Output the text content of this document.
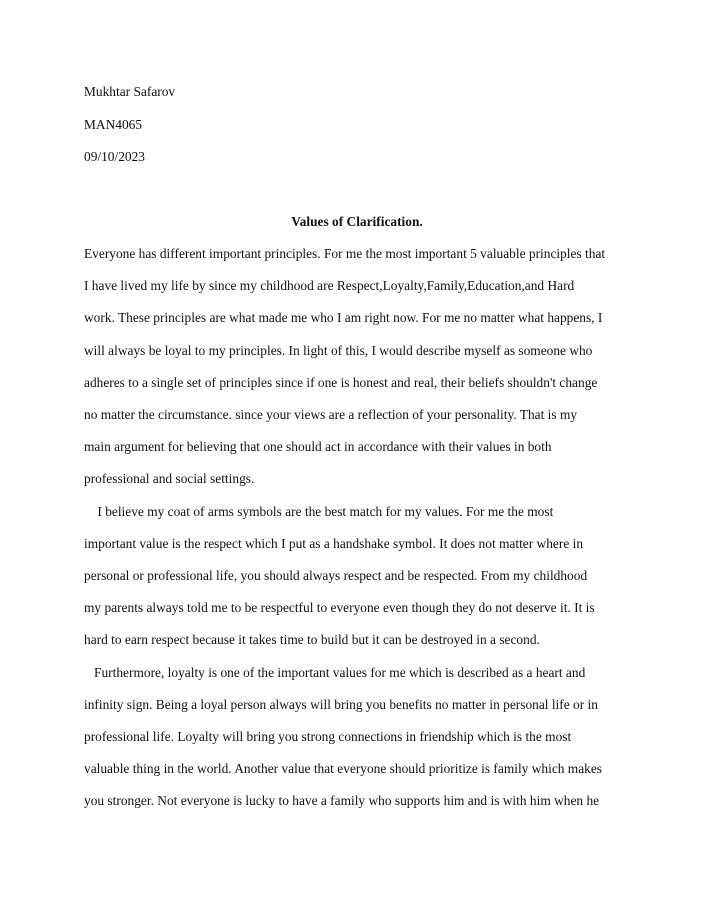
Mukhtar Safarov
MAN4065
09/10/2023
Values of Clarification.
Everyone has different important principles. For me the most important 5 valuable principles that
I have lived my life by since my childhood are Respect,Loyalty,Family,Education,and Hard
work. These principles are what made me who I am right now. For me no matter what happens, I
will always be loyal to my principles. In light of this, I would describe myself as someone who
adheres to a single set of principles since if one is honest and real, their beliefs shouldn't change
no matter the circumstance. since your views are a reflection of your personality. That is my
main argument for believing that one should act in accordance with their values in both
professional and social settings.
I believe my coat of arms symbols are the best match for my values. For me the most
important value is the respect which I put as a handshake symbol. It does not matter where in
personal or professional life, you should always respect and be respected. From my childhood
my parents always told me to be respectful to everyone even though they do not deserve it. It is
hard to earn respect because it takes time to build but it can be destroyed in a second.
Furthermore, loyalty is one of the important values for me which is described as a heart and
infinity sign. Being a loyal person always will bring you benefits no matter in personal life or in
professional life. Loyalty will bring you strong connections in friendship which is the most
valuable thing in the world. Another value that everyone should prioritize is family which makes
you stronger. Not everyone is lucky to have a family who supports him and is with him when he
